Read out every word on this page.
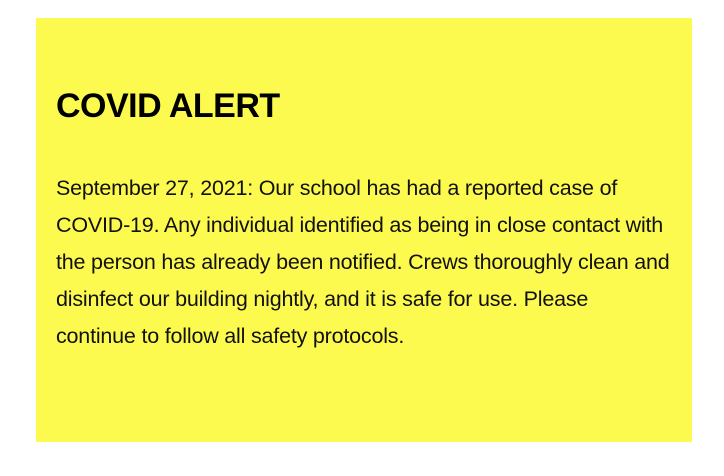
COVID ALERT

September 27, 2021: Our school has had a reported case of COVID-19. Any individual identified as being in close contact with the person has already been notified. Crews thoroughly clean and disinfect our building nightly, and it is safe for use. Please continue to follow all safety protocols.
